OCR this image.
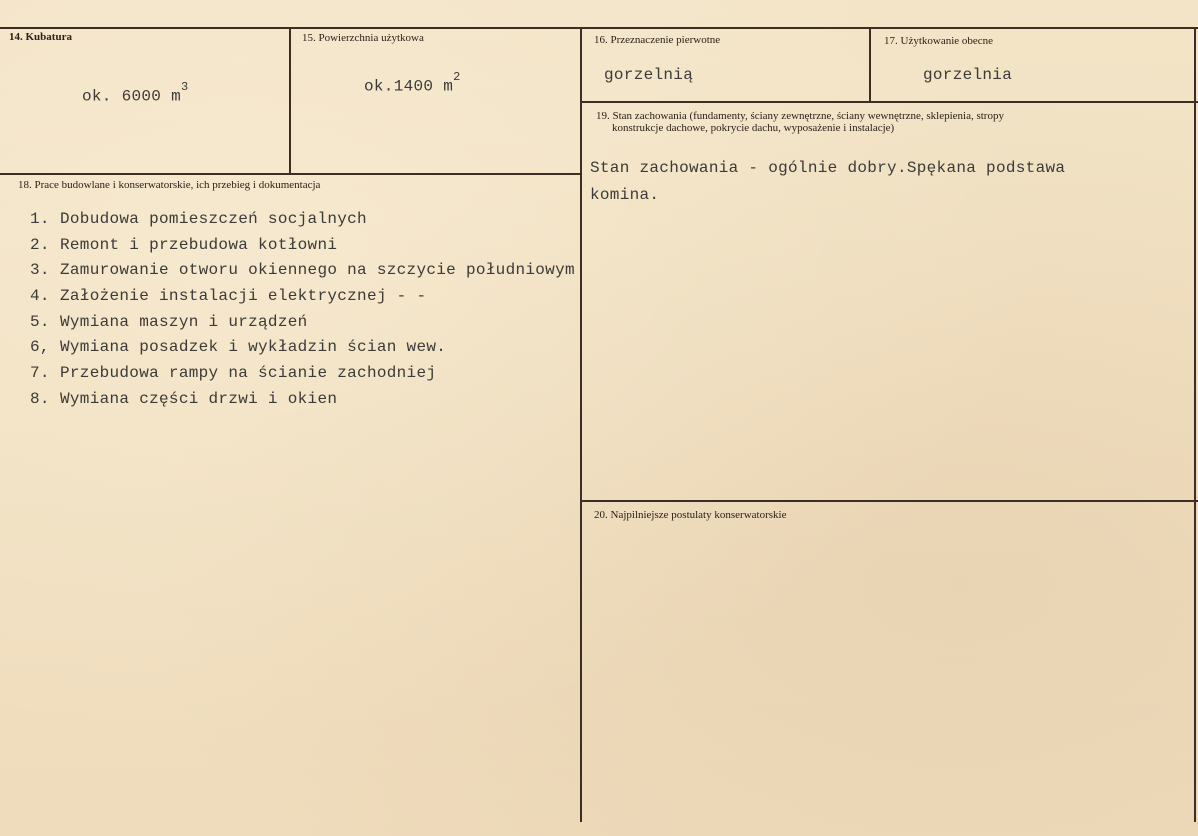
14. Kubatura
ok. 6000 $m^3$
15. Powierzchnia użytkowa
ok.1400 $m^2$
16. Przeznaczenie pierwotne
gorzelnią
17. Użytkowanie obecne
gorzelnia
19. Stan zachowania (fundamenty, ściany zewnętrzne, ściany wewnętrzne, sklepienia, stropy
konstrukcje dachowe, pokrycie dachu, wyposażenie i instalacje)
Stan zachowania - ogólnie dobry.Spękana podstawa
komina.
18. Prace budowlane i konserwatorskie, ich przebieg i dokumentacja
1. Dobudowa pomieszczeń socjalnych
2. Remont i przebudowa kotłowni
3. Zamurowanie otworu okiennego na szczycie południowym
4. Założenie instalacji elektrycznej - -
5. Wymiana maszyn i urządzeń
6, Wymiana posadzek i wykładzin ścian wew.
7. Przebudowa rampy na ścianie zachodniej
8. Wymiana części drzwi i okien
20. Najpilniejsze postulaty konserwatorskie
